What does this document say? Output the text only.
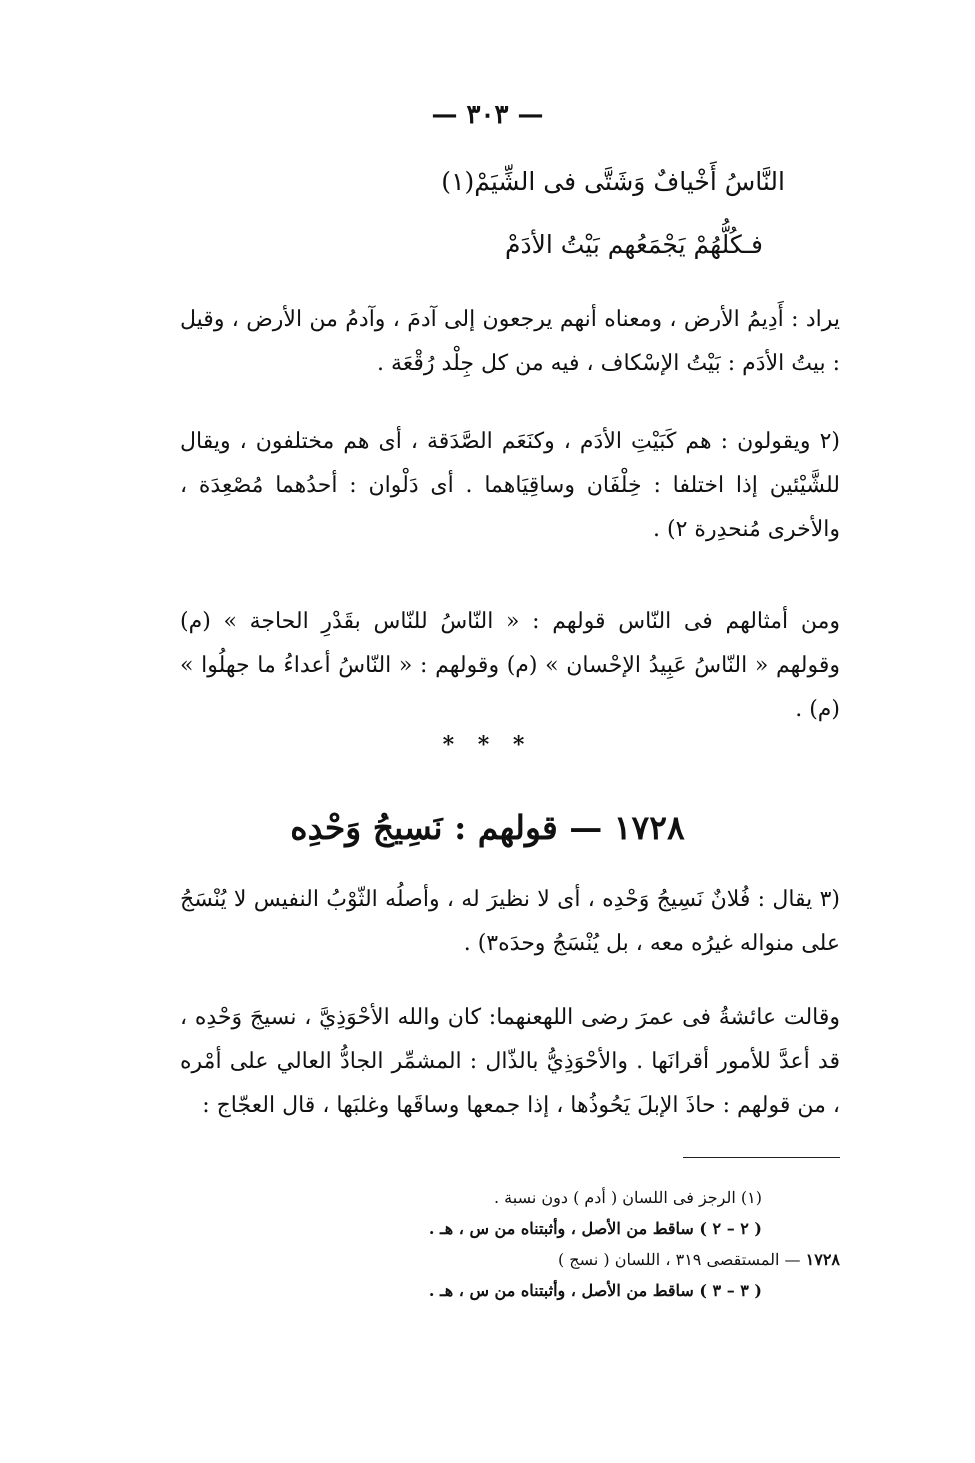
— ٣٠٣ —
النَّاسُ أَخْيافٌ وَشَتَّى فى الشِّيَمْ(١)
فـكُلُّهُمْ يَجْمَعُهم بَيْتُ الأدَمْ
يراد : أَدِيمُ الأرض ، ومعناه أنهم يرجعون إلى آدمَ ، وآدمُ من الأرض ، وقيل : بيتُ الأدَم : بَيْتُ الإسْكاف ، فيه من كل جِلْد رُقْعَة .
(٢ ويقولون : هم كَبَيْتِ الأدَم ، وكنَعَم الصَّدَقة ، أى هم مختلفون ، ويقال للشَّيْئين إذا اختلفا : خِلْفَان وساقِيَاهما . أى دَلْوان : أحدُهما مُصْعِدَة ، والأخرى مُنحدِرة ٢) .
ومن أمثالهم فى النّاس قولهم : « النّاسُ للنّاس بقَدْرِ الحاجة » (م) وقولهم « النّاسُ عَبِيدُ الإحْسان » (م) وقولهم : « النّاسُ أعداءُ ما جهلُوا » (م) .
* * *
١٧٢٨ — قولهم : نَسِيجُ وَحْدِه
(٣ يقال : فُلانٌ نَسِيجُ وَحْدِه ، أى لا نظيرَ له ، وأصلُه الثّوْبُ النفيس لا يُنْسَجُ على منواله غيرُه معه ، بل يُنْسَجُ وحدَه٣) .
وقالت عائشةُ فى عمرَ رضى اللهعنهما: كان والله الأحْوَذِيَّ ، نسيجَ وَحْدِه ، قد أعدَّ للأمور أقرانَها . والأحْوَذِيُّ بالذّال : المشمِّر الجادُّ العالي على أمْره ، من قولهم : حاذَ الإبلَ يَحُوذُها ، إذا جمعها وساقَها وغلبَها ، قال العجّاج :
(١) الرجز فى اللسان ( أدم ) دون نسبة .
( ٢ – ٢ ) ساقط من الأصل ، وأثبتناه من س ، هـ .
١٧٢٨ — المستقصى ٣١٩ ، اللسان ( نسج )
( ٣ – ٣ ) ساقط من الأصل ، وأثبتناه من س ، هـ .
